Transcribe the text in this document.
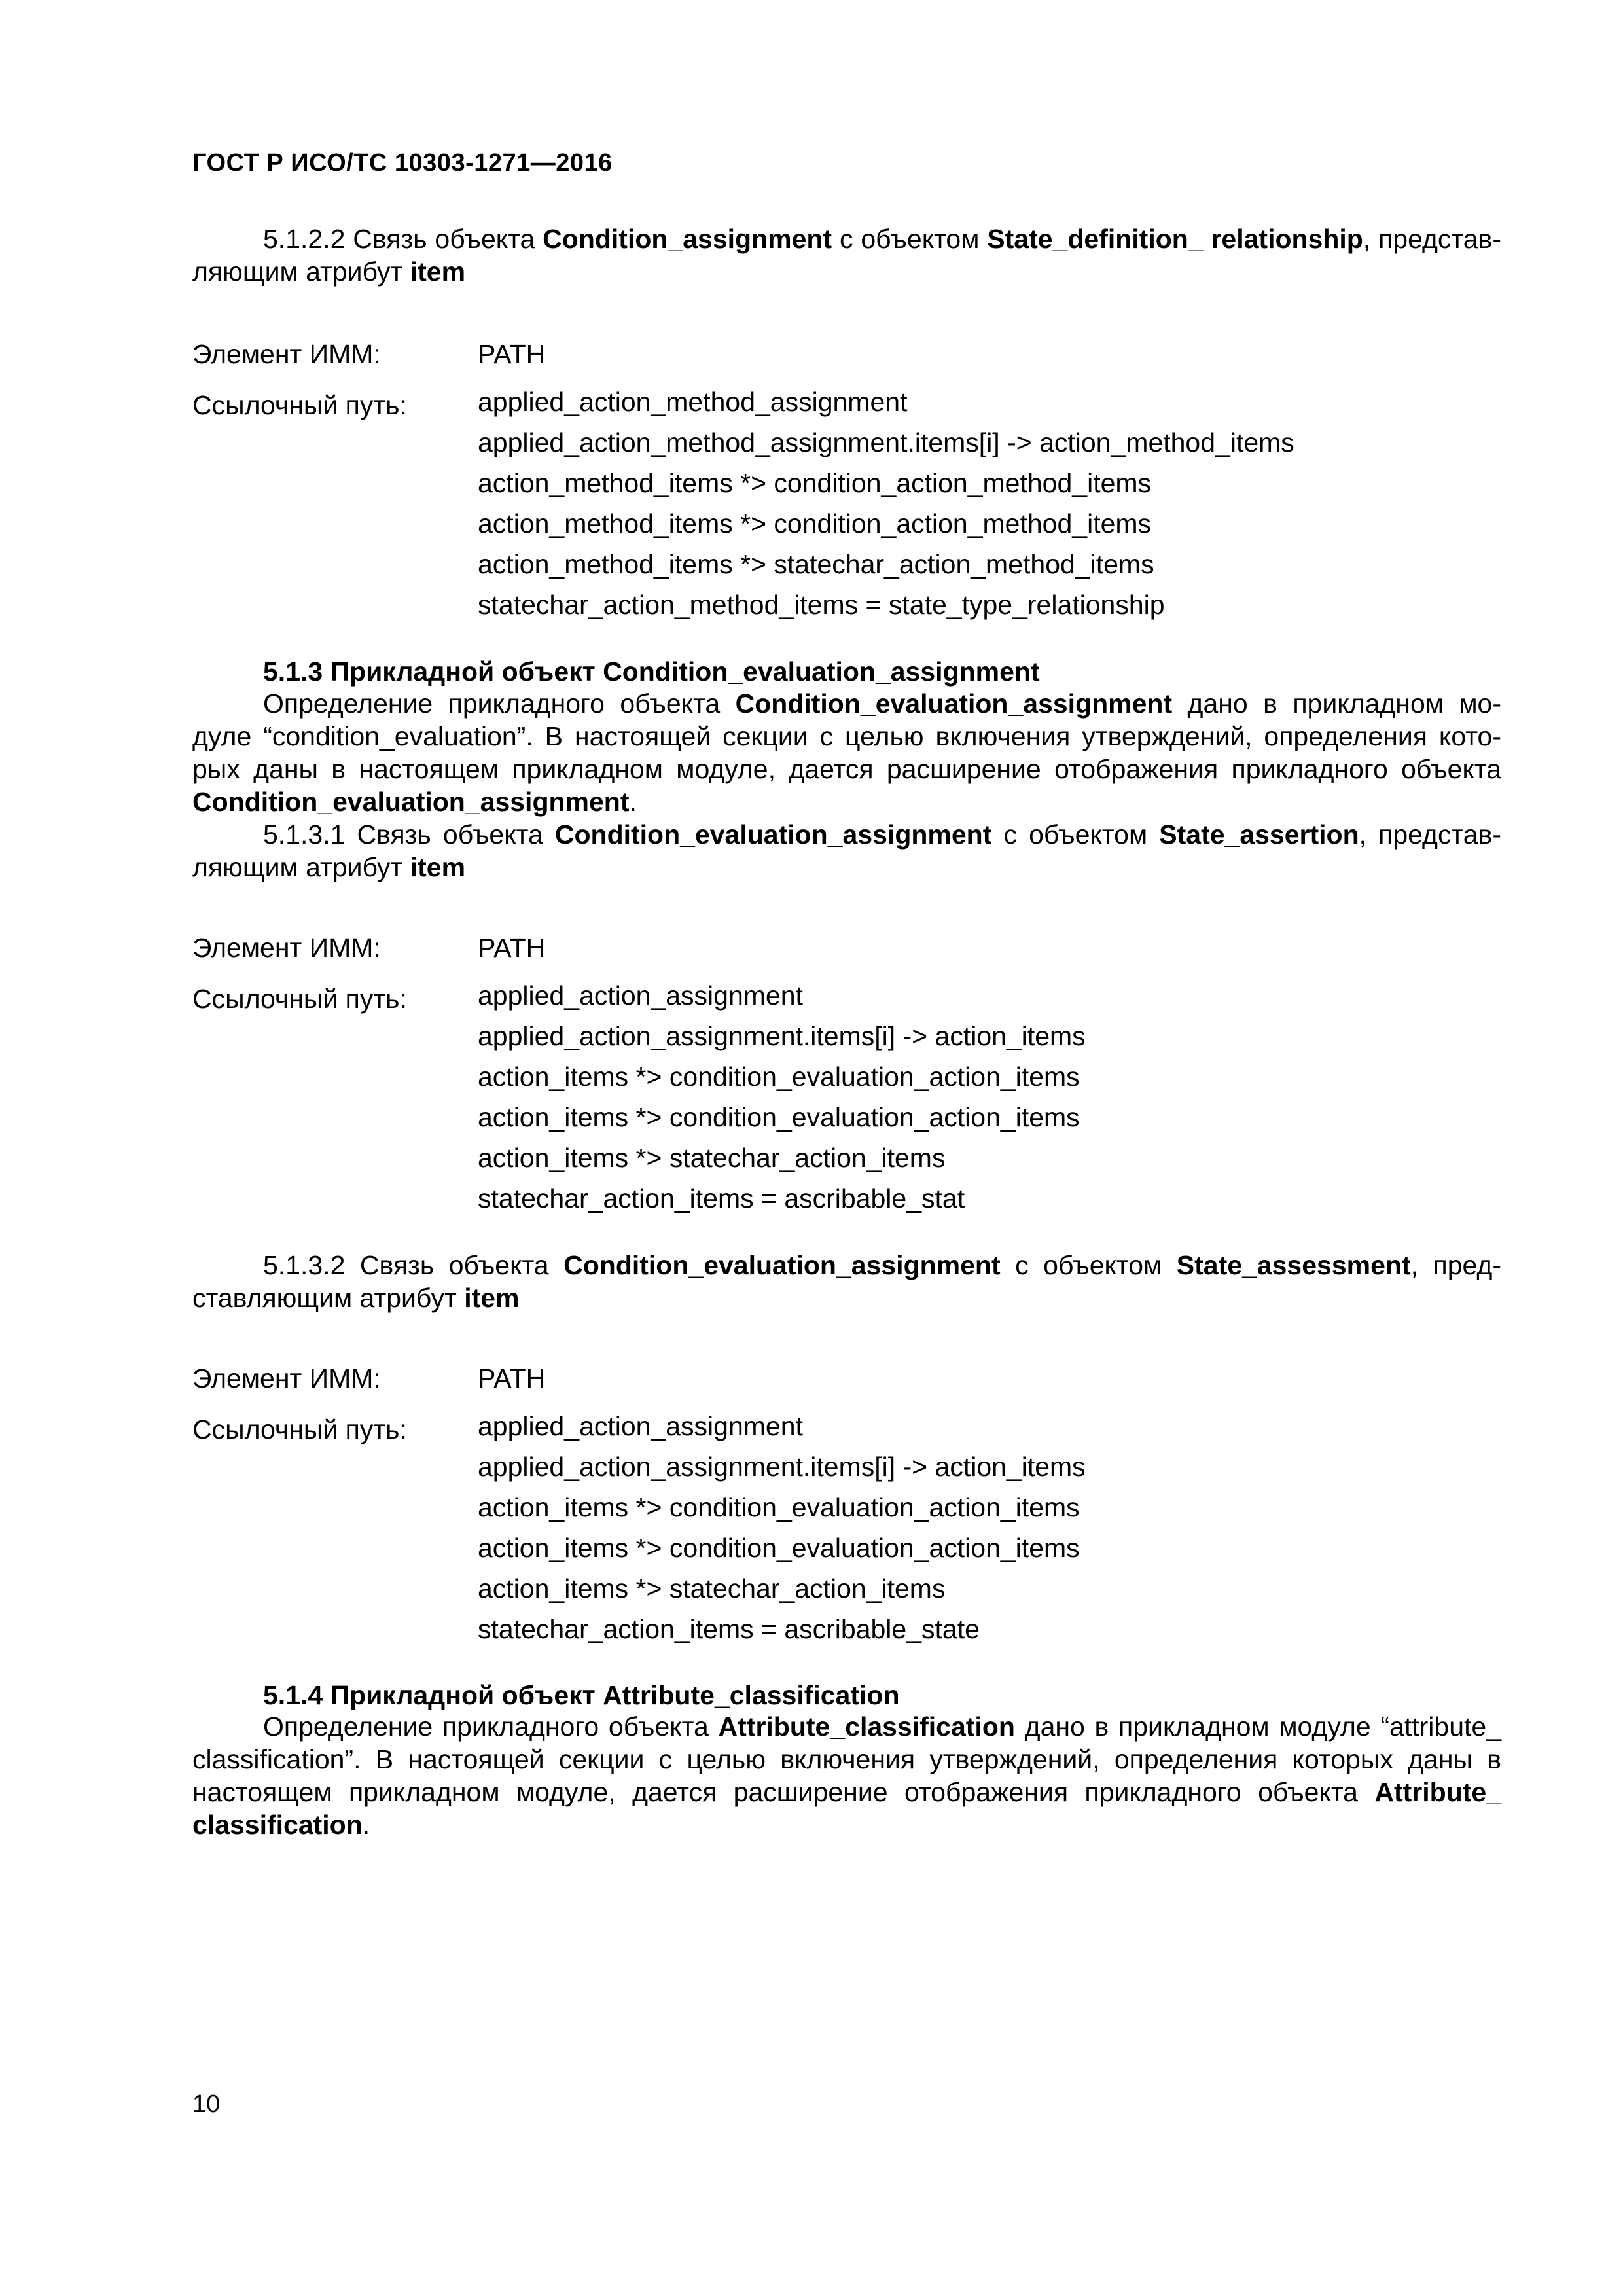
ГОСТ Р ИСО/ТС 10303-1271—2016
5.1.2.2 Связь объекта Condition_assignment с объектом State_definition_ relationship, представ-ляющим атрибут item
Элемент ИММ:	PATH
Ссылочный путь:	applied_action_method_assignment
applied_action_method_assignment.items[i] -> action_method_items
action_method_items *> condition_action_method_items
action_method_items *> condition_action_method_items
action_method_items *> statechar_action_method_items
statechar_action_method_items = state_type_relationship
5.1.3 Прикладной объект Condition_evaluation_assignment
Определение прикладного объекта Condition_evaluation_assignment дано в прикладном мо-дуле “condition_evaluation”. В настоящей секции с целью включения утверждений, определения кото-рых даны в настоящем прикладном модуле, дается расширение отображения прикладного объекта Condition_evaluation_assignment.
5.1.3.1 Связь объекта Condition_evaluation_assignment с объектом State_assertion, представ-ляющим атрибут item
Элемент ИММ:	PATH
Ссылочный путь:	applied_action_assignment
applied_action_assignment.items[i] -> action_items
action_items *> condition_evaluation_action_items
action_items *> condition_evaluation_action_items
action_items *> statechar_action_items
statechar_action_items = ascribable_stat
5.1.3.2 Связь объекта Condition_evaluation_assignment с объектом State_assessment, пред-ставляющим атрибут item
Элемент ИММ:	PATH
Ссылочный путь:	applied_action_assignment
applied_action_assignment.items[i] -> action_items
action_items *> condition_evaluation_action_items
action_items *> condition_evaluation_action_items
action_items *> statechar_action_items
statechar_action_items = ascribable_state
5.1.4 Прикладной объект Attribute_classification
Определение прикладного объекта Attribute_classification дано в прикладном модуле “attribute_ classification”. В настоящей секции с целью включения утверждений, определения которых даны в настоящем прикладном модуле, дается расширение отображения прикладного объекта Attribute_ classification.
10
